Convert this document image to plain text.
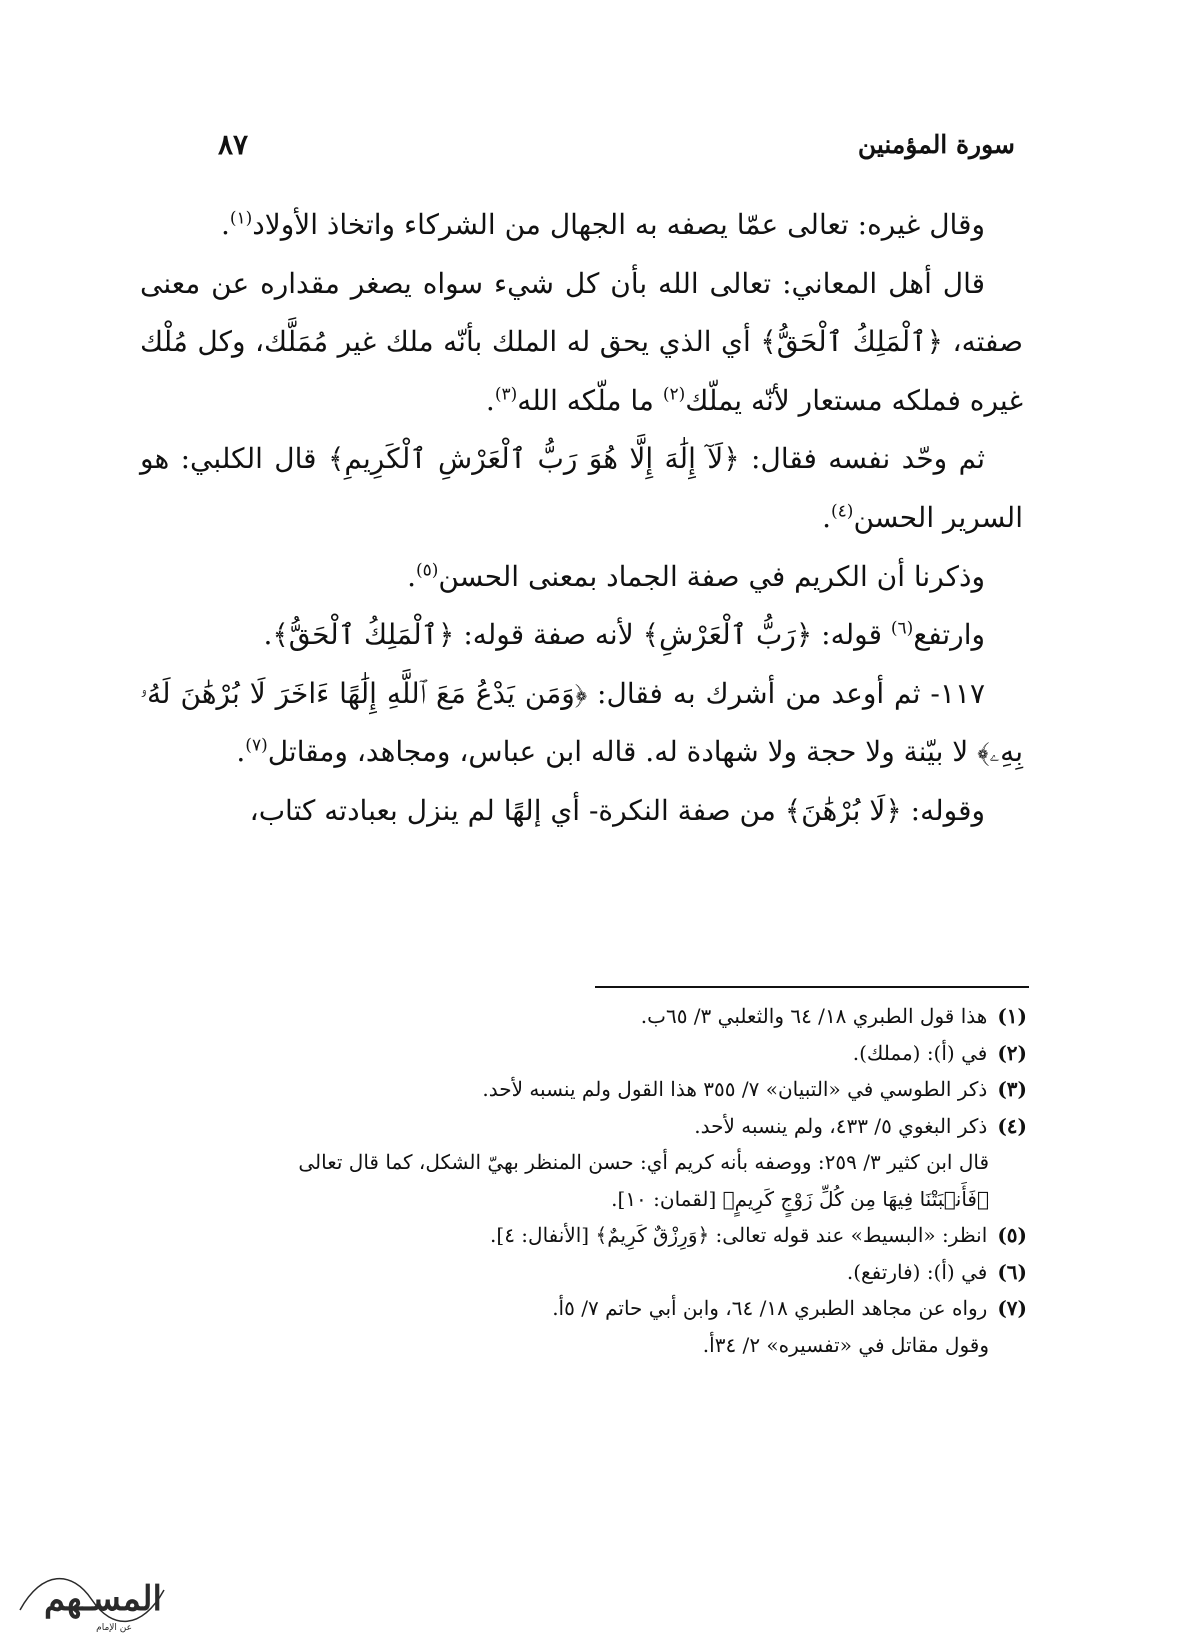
سورة المؤمنين
٨٧

وقال غيره: تعالى عمّا يصفه به الجهال من الشركاء واتخاذ الأولاد$^{(١)}$.

قال أهل المعاني: تعالى الله بأن كل شيء سواه يصغر مقداره عن معنى صفته، ﴿ٱلْمَلِكُ ٱلْحَقُّ﴾ أي الذي يحق له الملك بأنّه ملك غير مُمَلَّك، وكل مُلْك غيره فملكه مستعار لأنّه يملّك$^{(٢)}$ ما ملّكه الله$^{(٣)}$.

ثم وحّد نفسه فقال: ﴿لَآ إِلَٰهَ إِلَّا هُوَ رَبُّ ٱلْعَرْشِ ٱلْكَرِيمِ﴾ قال الكلبي: هو السرير الحسن$^{(٤)}$.

وذكرنا أن الكريم في صفة الجماد بمعنى الحسن$^{(٥)}$.

وارتفع$^{(٦)}$ قوله: ﴿رَبُّ ٱلْعَرْشِ﴾ لأنه صفة قوله: ﴿ٱلْمَلِكُ ٱلْحَقُّ﴾.

١١٧- ثم أوعد من أشرك به فقال: ﴿وَمَن يَدْعُ مَعَ ٱللَّهِ إِلَٰهًا ءَاخَرَ لَا بُرْهَٰنَ لَهُۥ بِهِۦ﴾ لا بيّنة ولا حجة ولا شهادة له. قاله ابن عباس، ومجاهد، ومقاتل$^{(٧)}$.

وقوله: ﴿لَا بُرْهَٰنَ﴾ من صفة النكرة- أي إلهًا لم ينزل بعبادته كتاب،

(١)
هذا قول الطبري ١٨/ ٦٤ والثعلبي ٣/ ٦٥ب.
(٢)
في (أ): (مملك).
(٣)
ذكر الطوسي في «التبيان» ٧/ ٣٥٥ هذا القول ولم ينسبه لأحد.
(٤)
ذكر البغوي ٥/ ٤٣٣، ولم ينسبه لأحد.
قال ابن كثير ٣/ ٢٥٩: ووصفه بأنه كريم أي: حسن المنظر بهيّ الشكل، كما قال تعالى ﴿فَأَنۢبَتْنَا فِيهَا مِن كُلِّ زَوْجٍ كَرِيمٍ﴾ [لقمان: ١٠].
(٥)
انظر: «البسيط» عند قوله تعالى: ﴿وَرِزْقٌ كَرِيمٌ﴾ [الأنفال: ٤].
(٦)
في (أ): (فارتفع).
(٧)
رواه عن مجاهد الطبري ١٨/ ٦٤، وابن أبي حاتم ٧/ ٥أ.
وقول مقاتل في «تفسيره» ٢/ ٣٤أ.
المسـهم
عن الإمام
